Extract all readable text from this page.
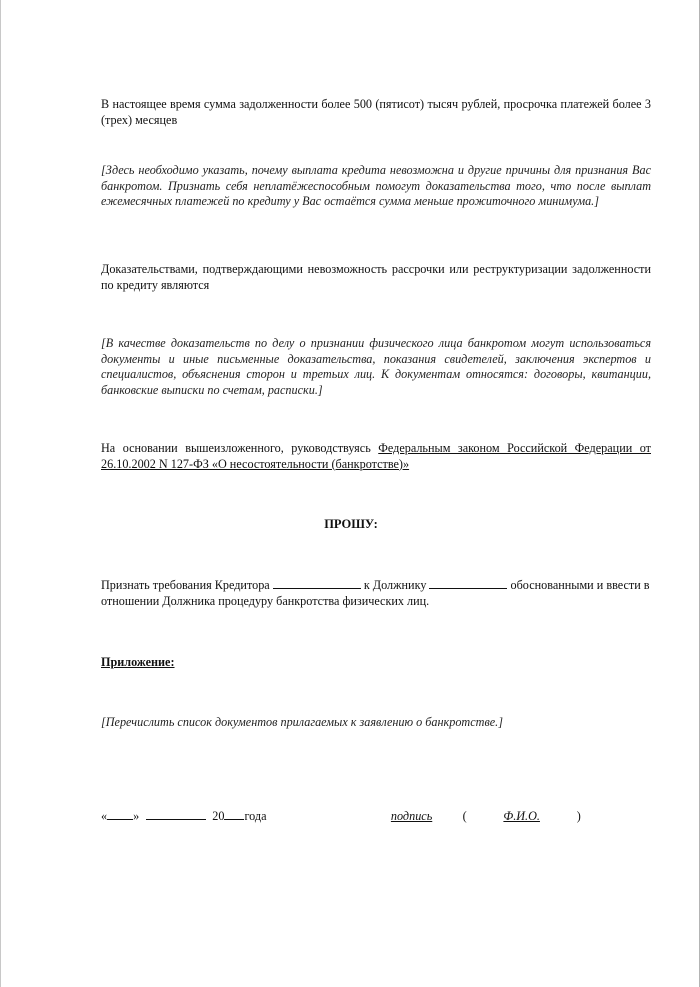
В настоящее время сумма задолженности более 500 (пятисот) тысяч рублей, просрочка платежей более 3 (трех) месяцев

[Здесь необходимо указать, почему выплата кредита невозможна и другие причины для признания Вас банкротом. Признать себя неплатёжеспособным помогут доказательства того, что после выплат ежемесячных платежей по кредиту у Вас остаётся сумма меньше прожиточного минимума.]

Доказательствами, подтверждающими невозможность рассрочки или реструктуризации задолженности по кредиту являются

[В качестве доказательств по делу о признании физического лица банкротом могут использоваться документы и иные письменные доказательства, показания свидетелей, заключения экспертов и специалистов, объяснения сторон и третьих лиц. К документам относятся: договоры, квитанции, банковские выписки по счетам, расписки.]

На основании вышеизложенного, руководствуясь Федеральным законом Российской Федерации от 26.10.2002 N 127-ФЗ «О несостоятельности (банкротстве)»

ПРОШУ:

Признать требования Кредитора	к Должнику	обоснованными и ввести в отношении Должника процедуру банкротства физических лиц.

Приложение:

[Перечислить список документов прилагаемых к заявлению о банкротстве.]

« »	20года	подпись (	Ф.И.О.	)
